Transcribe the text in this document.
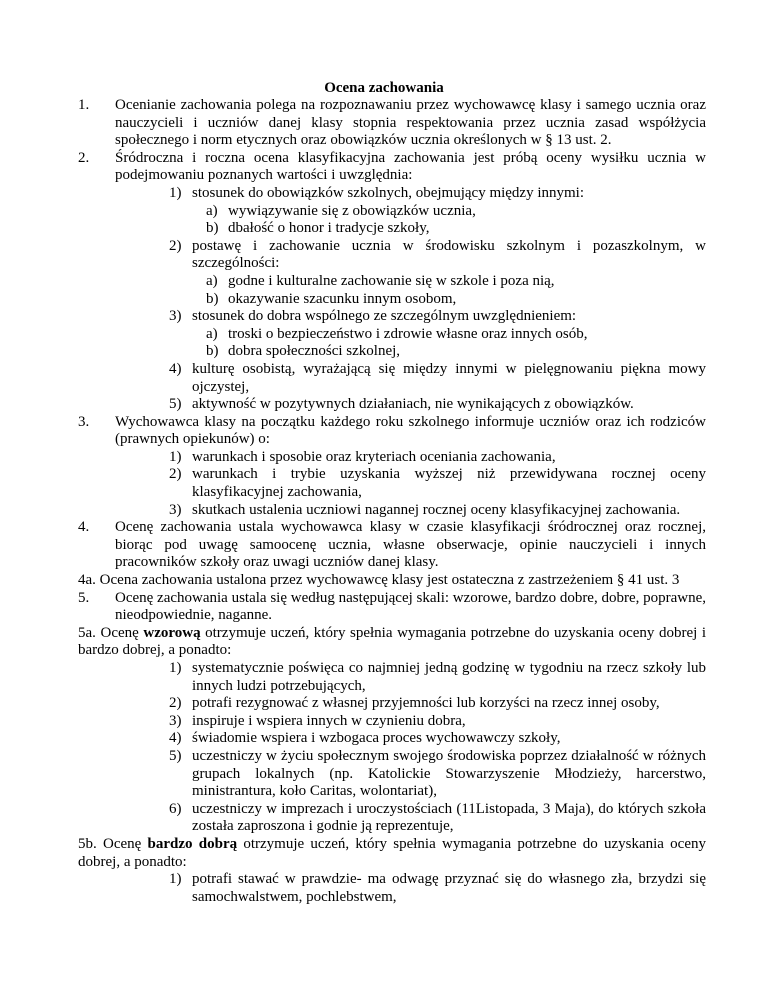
Ocena zachowania
1. Ocenianie zachowania polega na rozpoznawaniu przez wychowawcę klasy i samego ucznia oraz nauczycieli i uczniów danej klasy stopnia respektowania przez ucznia zasad współżycia społecznego i norm etycznych oraz obowiązków ucznia określonych w § 13 ust. 2.
2. Śródroczna i roczna ocena klasyfikacyjna zachowania jest próbą oceny wysiłku ucznia w podejmowaniu poznanych wartości i uwzględnia:
1) stosunek do obowiązków szkolnych, obejmujący między innymi:
a) wywiązywanie się z obowiązków ucznia,
b) dbałość o honor i tradycje szkoły,
2) postawę i zachowanie ucznia w środowisku szkolnym i pozaszkolnym, w szczególności:
a) godne i kulturalne zachowanie się w szkole i poza nią,
b) okazywanie szacunku innym osobom,
3) stosunek do dobra wspólnego ze szczególnym uwzględnieniem:
a) troski o bezpieczeństwo i zdrowie własne oraz innych osób,
b) dobra społeczności szkolnej,
4) kulturę osobistą, wyrażającą się między innymi w pielęgnowaniu piękna mowy ojczystej,
5) aktywność w pozytywnych działaniach, nie wynikających z obowiązków.
3. Wychowawca klasy na początku każdego roku szkolnego informuje uczniów oraz ich rodziców (prawnych opiekunów) o:
1) warunkach i sposobie oraz kryteriach oceniania zachowania,
2) warunkach i trybie uzyskania wyższej niż przewidywana rocznej oceny klasyfikacyjnej zachowania,
3) skutkach ustalenia uczniowi nagannej rocznej oceny klasyfikacyjnej zachowania.
4. Ocenę zachowania ustala wychowawca klasy w czasie klasyfikacji śródrocznej oraz rocznej, biorąc pod uwagę samoocenę ucznia, własne obserwacje, opinie nauczycieli i innych pracowników szkoły oraz uwagi uczniów danej klasy.
4a. Ocena zachowania ustalona przez wychowawcę klasy jest ostateczna z zastrzeżeniem § 41 ust. 3
5. Ocenę zachowania ustala się według następującej skali: wzorowe, bardzo dobre, dobre, poprawne, nieodpowiednie, naganne.
5a. Ocenę wzorową otrzymuje uczeń, który spełnia wymagania potrzebne do uzyskania oceny dobrej i bardzo dobrej, a ponadto:
1) systematycznie poświęca co najmniej jedną godzinę w tygodniu na rzecz szkoły lub innych ludzi potrzebujących,
2) potrafi rezygnować z własnej przyjemności lub korzyści na rzecz innej osoby,
3) inspiruje i wspiera innych w czynieniu dobra,
4) świadomie wspiera i wzbogaca proces wychowawczy szkoły,
5) uczestniczy w życiu społecznym swojego środowiska poprzez działalność w różnych grupach lokalnych (np. Katolickie Stowarzyszenie Młodzieży, harcerstwo, ministrantura, koło Caritas, wolontariat),
6) uczestniczy w imprezach i uroczystościach (11Listopada, 3 Maja), do których szkoła została zaproszona i godnie ją reprezentuje,
5b. Ocenę bardzo dobrą otrzymuje uczeń, który spełnia wymagania potrzebne do uzyskania oceny dobrej, a ponadto:
1) potrafi stawać w prawdzie- ma odwagę przyznać się do własnego zła, brzydzi się samochwalstwem, pochlebstwem,
